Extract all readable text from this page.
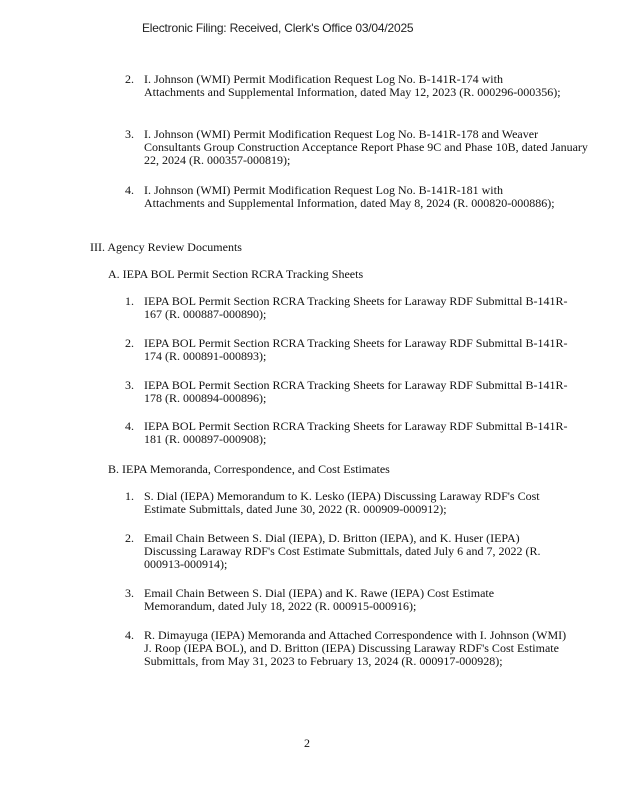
Electronic Filing: Received, Clerk's Office 03/04/2025
2. I. Johnson (WMI) Permit Modification Request Log No. B-141R-174 with Attachments and Supplemental Information, dated May 12, 2023 (R. 000296-000356);
3. I. Johnson (WMI) Permit Modification Request Log No. B-141R-178 and Weaver Consultants Group Construction Acceptance Report Phase 9C and Phase 10B, dated January 22, 2024 (R. 000357-000819);
4. I. Johnson (WMI) Permit Modification Request Log No. B-141R-181 with Attachments and Supplemental Information, dated May 8, 2024 (R. 000820-000886);
III. Agency Review Documents
A. IEPA BOL Permit Section RCRA Tracking Sheets
1. IEPA BOL Permit Section RCRA Tracking Sheets for Laraway RDF Submittal B-141R-167 (R. 000887-000890);
2. IEPA BOL Permit Section RCRA Tracking Sheets for Laraway RDF Submittal B-141R-174 (R. 000891-000893);
3. IEPA BOL Permit Section RCRA Tracking Sheets for Laraway RDF Submittal B-141R-178 (R. 000894-000896);
4. IEPA BOL Permit Section RCRA Tracking Sheets for Laraway RDF Submittal B-141R-181 (R. 000897-000908);
B. IEPA Memoranda, Correspondence, and Cost Estimates
1. S. Dial (IEPA) Memorandum to K. Lesko (IEPA) Discussing Laraway RDF's Cost Estimate Submittals, dated June 30, 2022 (R. 000909-000912);
2. Email Chain Between S. Dial (IEPA), D. Britton (IEPA), and K. Huser (IEPA) Discussing Laraway RDF's Cost Estimate Submittals, dated July 6 and 7, 2022 (R. 000913-000914);
3. Email Chain Between S. Dial (IEPA) and K. Rawe (IEPA) Cost Estimate Memorandum, dated July 18, 2022 (R. 000915-000916);
4. R. Dimayuga (IEPA) Memoranda and Attached Correspondence with I. Johnson (WMI) J. Roop (IEPA BOL), and D. Britton (IEPA) Discussing Laraway RDF's Cost Estimate Submittals, from May 31, 2023 to February 13, 2024 (R. 000917-000928);
2
